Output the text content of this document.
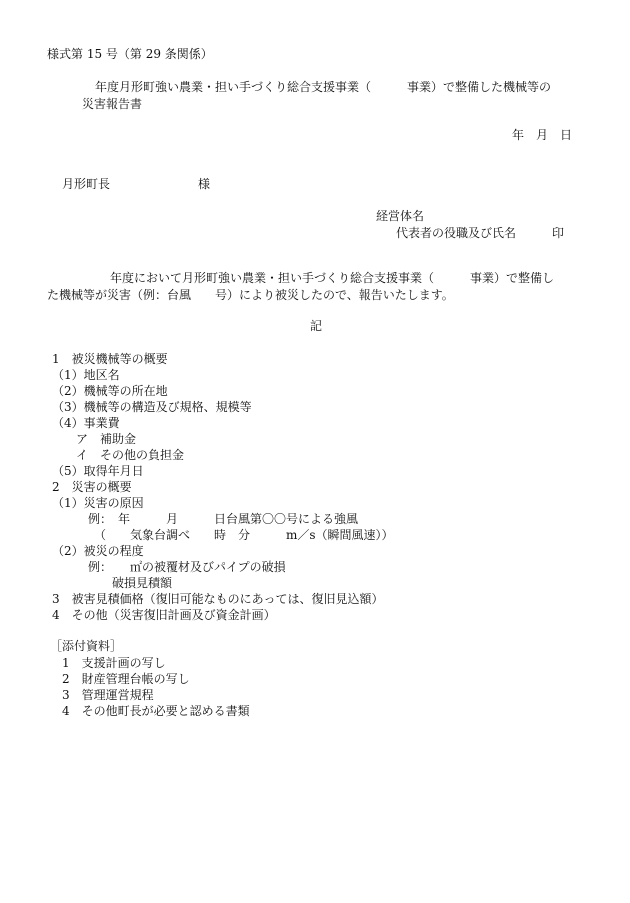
様式第 15 号（第 29 条関係）
年度月形町強い農業・担い手づくり総合支援事業（　　　事業）で整備した機械等の
災害報告書
年　月　日
月形町長	様
経営体名
代表者の役職及び氏名	印
年度において月形町強い農業・担い手づくり総合支援事業（　　　事業）で整備し
た機械等が災害（例：台風　　号）により被災したので、報告いたします。
記
1　被災機械等の概要
（1）地区名
（2）機械等の所在地
（3）機械等の構造及び規格、規模等
（4）事業費
　　ア　補助金
　　イ　その他の負担金
（5）取得年月日
2　災害の概要
（1）災害の原因
　　　例：　年　　　月　　　日台風第〇〇号による強風
　　　　（　　気象台調べ　　時　分　　　m／s（瞬間風速））
（2）被災の程度
　　　例：　　㎡の被覆材及びパイプの破損
　　　　　破損見積額
3　被害見積価格（復旧可能なものにあっては、復旧見込額）
4　その他（災害復旧計画及び資金計画）
［添付資料］
1　支援計画の写し
2　財産管理台帳の写し
3　管理運営規程
4　その他町長が必要と認める書類
